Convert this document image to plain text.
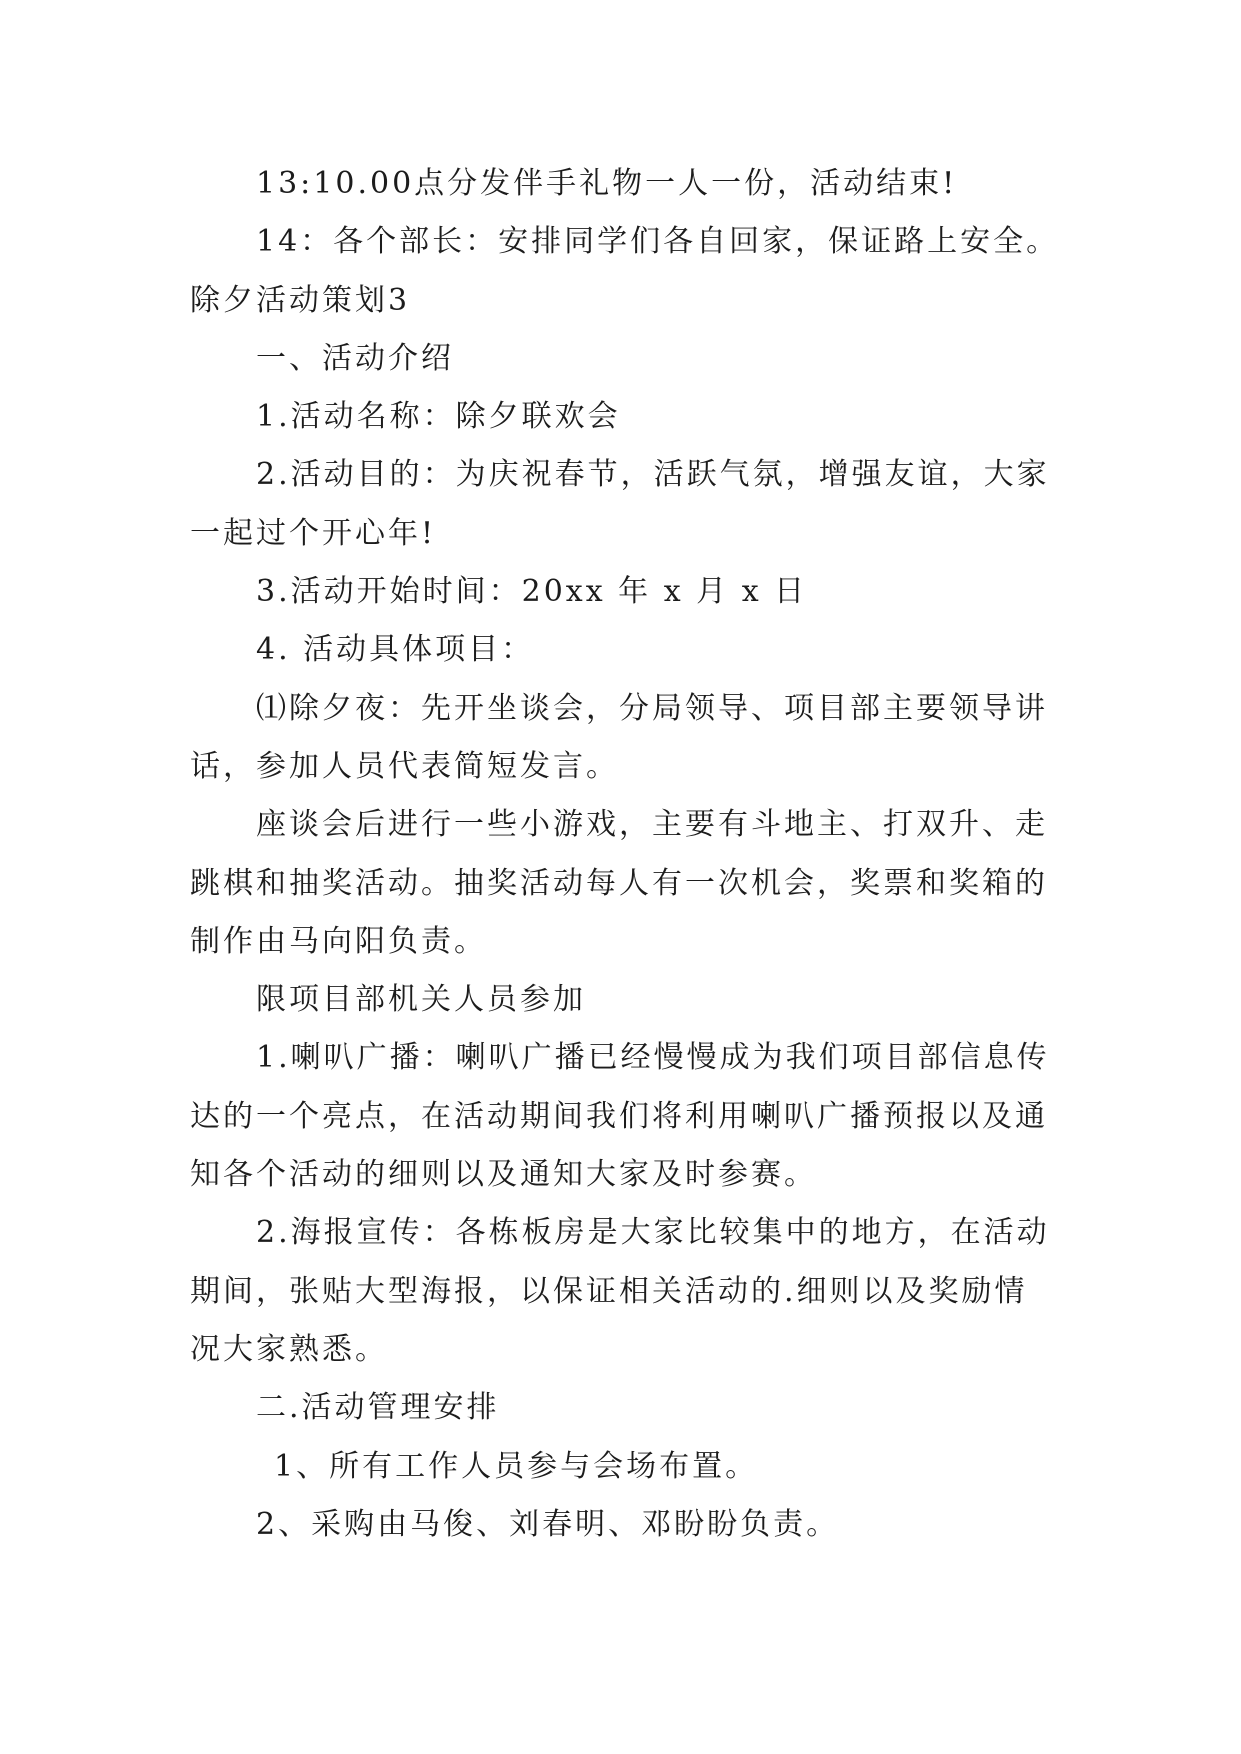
13:10.00点分发伴手礼物一人一份，活动结束!
14：各个部长：安排同学们各自回家，保证路上安全。
除夕活动策划3
一、活动介绍
1.活动名称：除夕联欢会
2.活动目的：为庆祝春节，活跃气氛，增强友谊，大家
一起过个开心年!
3.活动开始时间：20xx 年 x 月 x 日
4. 活动具体项目：
⑴除夕夜：先开坐谈会，分局领导、项目部主要领导讲
话，参加人员代表简短发言。
座谈会后进行一些小游戏，主要有斗地主、打双升、走
跳棋和抽奖活动。抽奖活动每人有一次机会，奖票和奖箱的
制作由马向阳负责。
限项目部机关人员参加
1.喇叭广播：喇叭广播已经慢慢成为我们项目部信息传
达的一个亮点，在活动期间我们将利用喇叭广播预报以及通
知各个活动的细则以及通知大家及时参赛。
2.海报宣传：各栋板房是大家比较集中的地方，在活动
期间，张贴大型海报，以保证相关活动的.细则以及奖励情
况大家熟悉。
二.活动管理安排
1、所有工作人员参与会场布置。
2、采购由马俊、刘春明、邓盼盼负责。
